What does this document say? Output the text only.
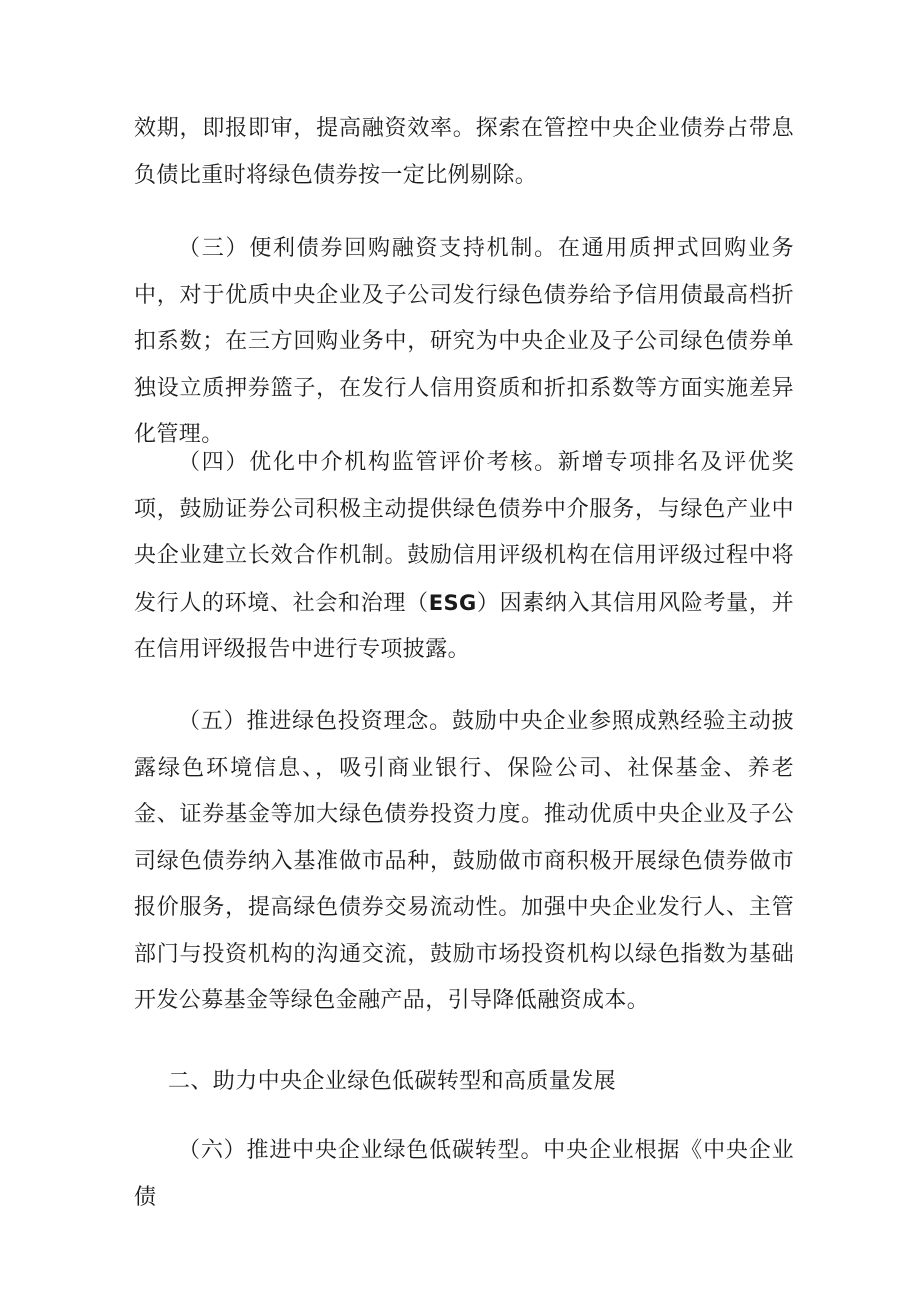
效期，即报即审，提高融资效率。探索在管控中央企业债券占带息负债比重时将绿色债券按一定比例剔除。

（三）便利债券回购融资支持机制。在通用质押式回购业务中，对于优质中央企业及子公司发行绿色债券给予信用债最高档折扣系数；在三方回购业务中，研究为中央企业及子公司绿色债券单独设立质押券篮子，在发行人信用资质和折扣系数等方面实施差异化管理。

（四）优化中介机构监管评价考核。新增专项排名及评优奖项，鼓励证券公司积极主动提供绿色债券中介服务，与绿色产业中央企业建立长效合作机制。鼓励信用评级机构在信用评级过程中将发行人的环境、社会和治理（ESG）因素纳入其信用风险考量，并在信用评级报告中进行专项披露。

（五）推进绿色投资理念。鼓励中央企业参照成熟经验主动披露绿色环境信息、，吸引商业银行、保险公司、社保基金、养老金、证券基金等加大绿色债券投资力度。推动优质中央企业及子公司绿色债券纳入基准做市品种，鼓励做市商积极开展绿色债券做市报价服务，提高绿色债券交易流动性。加强中央企业发行人、主管部门与投资机构的沟通交流，鼓励市场投资机构以绿色指数为基础开发公募基金等绿色金融产品，引导降低融资成本。

二、助力中央企业绿色低碳转型和高质量发展

（六）推进中央企业绿色低碳转型。中央企业根据《中央企业债
